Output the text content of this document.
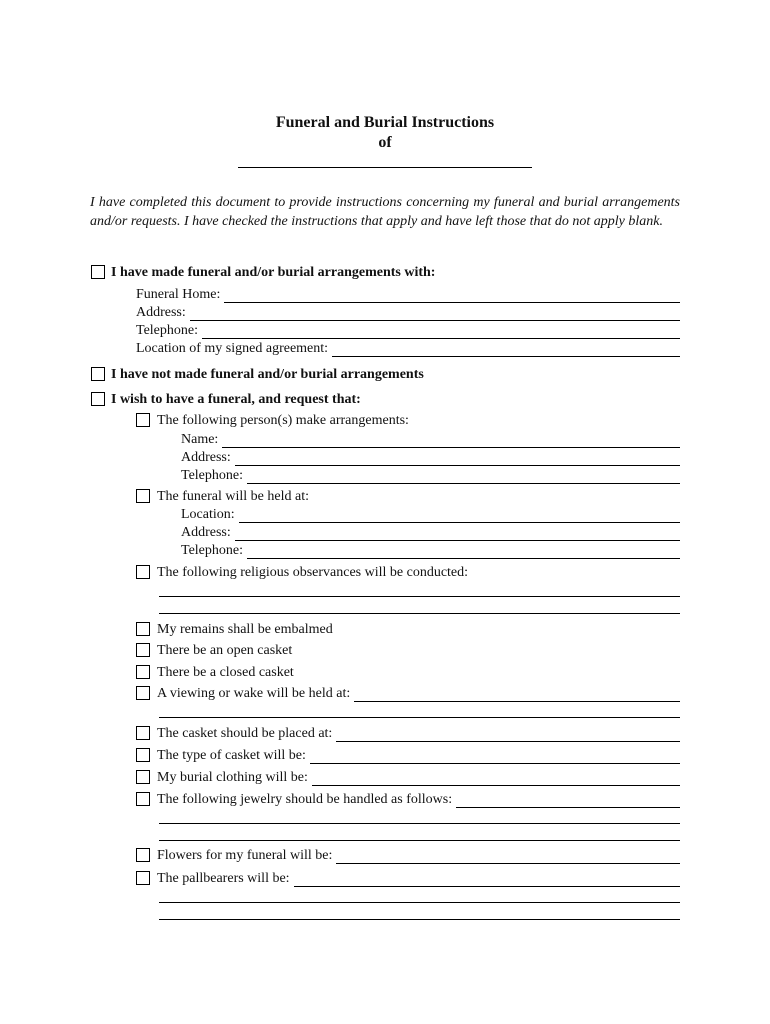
Funeral and Burial Instructions
of
I have completed this document to provide instructions concerning my funeral and burial arrangements and/or requests. I have checked the instructions that apply and have left those that do not apply blank.
I have made funeral and/or burial arrangements with:
Funeral Home:
Address:
Telephone:
Location of my signed agreement:
I have not made funeral and/or burial arrangements
I wish to have a funeral, and request that:
The following person(s) make arrangements:
Name:
Address:
Telephone:
The funeral will be held at:
Location:
Address:
Telephone:
The following religious observances will be conducted:
My remains shall be embalmed
There be an open casket
There be a closed casket
A viewing or wake will be held at:
The casket should be placed at:
The type of casket will be:
My burial clothing will be:
The following jewelry should be handled as follows:
Flowers for my funeral will be:
The pallbearers will be:
